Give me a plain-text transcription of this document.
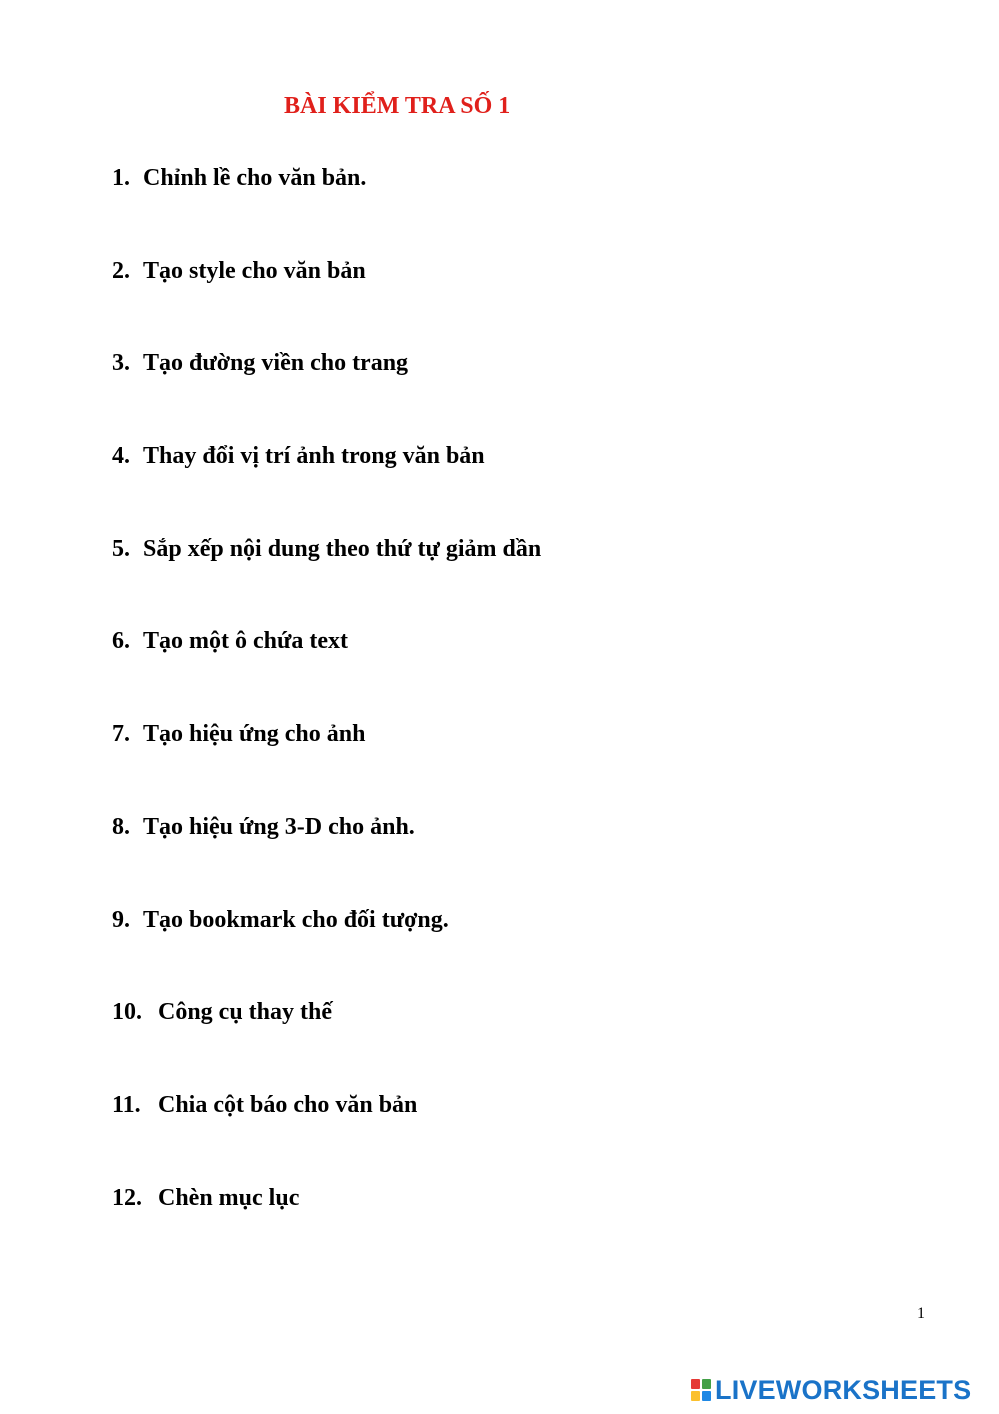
BÀI KIỂM TRA SỐ 1
1. Chỉnh lề cho văn bản.
2. Tạo style cho văn bản
3. Tạo đường viền cho trang
4. Thay đổi vị trí ảnh trong văn bản
5. Sắp xếp nội dung theo thứ tự giảm dần
6. Tạo một ô chứa text
7. Tạo hiệu ứng cho ảnh
8. Tạo hiệu ứng 3-D cho ảnh.
9. Tạo bookmark cho đối tượng.
10. Công cụ thay thế
11. Chia cột báo cho văn bản
12. Chèn mục lục
1
LIVEWORKSHEETS
